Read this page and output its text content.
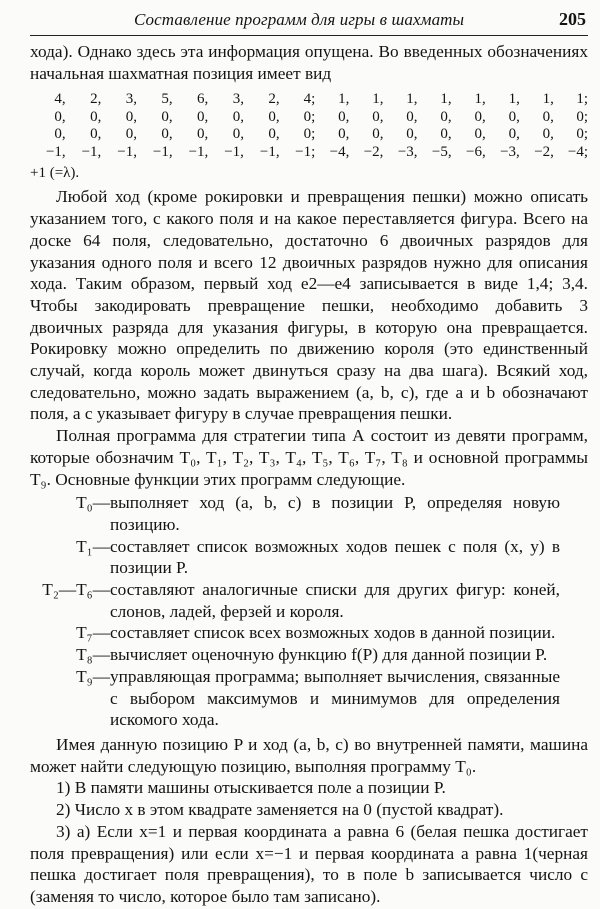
Составление программ для игры в шахматы	205

хода). Однако здесь эта информация опущена. Во введенных обозначениях начальная шахматная позиция имеет вид

4,	2,	3,	5,	6,	3,	2,	4;	1,	1,	1,	1,	1,	1,	1,	1;
0,	0,	0,	0,	0,	0,	0,	0;	0,	0,	0,	0,	0,	0,	0,	0;
0,	0,	0,	0,	0,	0,	0,	0;	0,	0,	0,	0,	0,	0,	0,	0;
−1,	−1,	−1,	−1,	−1,	−1,	−1,	−1; −4, −2, −3, −5, −6, −3, −2, −4;
+1 (=λ).

Любой ход (кроме рокировки и превращения пешки) можно описать указанием того, с какого поля и на какое переставляется фигура. Всего на доске 64 поля, следовательно, достаточно 6 двоичных разрядов для указания одного поля и всего 12 двоичных разрядов нужно для описания хода. Таким образом, первый ход e2—e4 записывается в виде 1,4; 3,4. Чтобы закодировать превращение пешки, необходимо добавить 3 двоичных разряда для указания фигуры, в которую она превращается. Рокировку можно определить по движению короля (это единственный случай, когда король может двинуться сразу на два шага). Всякий ход, следовательно, можно задать выражением (a, b, c), где a и b обозначают поля, а c указывает фигуру в случае превращения пешки.

Полная программа для стратегии типа А состоит из девяти программ, которые обозначим T₀, T₁, T₂, T₃, T₄, T₅, T₆, T₇, T₈ и основной программы T₉. Основные функции этих программ следующие.

T₀— выполняет ход (a, b, c) в позиции P, определяя новую позицию.
T₁— составляет список возможных ходов пешек с поля (x, y) в позиции P.
T₂—T₆— составляют аналогичные списки для других фигур: коней, слонов, ладей, ферзей и короля.
T₇— составляет список всех возможных ходов в данной позиции.
T₈— вычисляет оценочную функцию f(P) для данной позиции P.
T₉— управляющая программа; выполняет вычисления, связанные с выбором максимумов и минимумов для определения искомого хода.

Имея данную позицию P и ход (a, b, c) во внутренней памяти, машина может найти следующую позицию, выполняя программу T₀.

1) В памяти машины отыскивается поле a позиции P.

2) Число x в этом квадрате заменяется на 0 (пустой квадрат).

3) а) Если x=1 и первая координата a равна 6 (белая пешка достигает поля превращения) или если x=−1 и первая координата a равна 1(черная пешка достигает поля превращения), то в поле b записывается число c (заменяя то число, которое было там записано).
